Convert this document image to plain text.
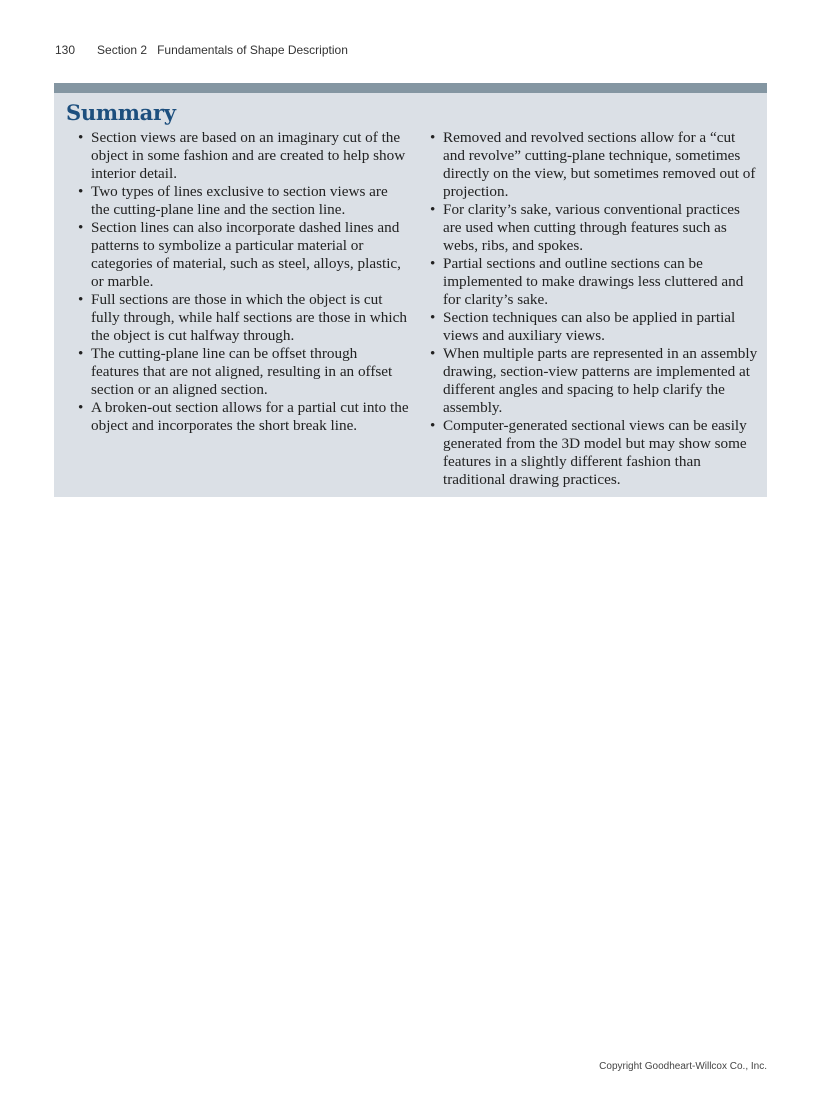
130 Section 2 Fundamentals of Shape Description
Summary
• Section views are based on an imaginary cut of the object in some fashion and are created to help show interior detail.
• Two types of lines exclusive to section views are the cutting-plane line and the section line.
• Section lines can also incorporate dashed lines and patterns to symbolize a particular material or categories of material, such as steel, alloys, plastic, or marble.
• Full sections are those in which the object is cut fully through, while half sections are those in which the object is cut halfway through.
• The cutting-plane line can be offset through features that are not aligned, resulting in an offset section or an aligned section.
• A broken-out section allows for a partial cut into the object and incorporates the short break line.
• Removed and revolved sections allow for a “cut and revolve” cutting-plane technique, sometimes directly on the view, but sometimes removed out of projection.
• For clarity’s sake, various conventional practices are used when cutting through features such as webs, ribs, and spokes.
• Partial sections and outline sections can be implemented to make drawings less cluttered and for clarity’s sake.
• Section techniques can also be applied in partial views and auxiliary views.
• When multiple parts are represented in an assembly drawing, section-view patterns are implemented at different angles and spacing to help clarify the assembly.
• Computer-generated sectional views can be easily generated from the 3D model but may show some features in a slightly different fashion than traditional drawing practices.
Copyright Goodheart-Willcox Co., Inc.
